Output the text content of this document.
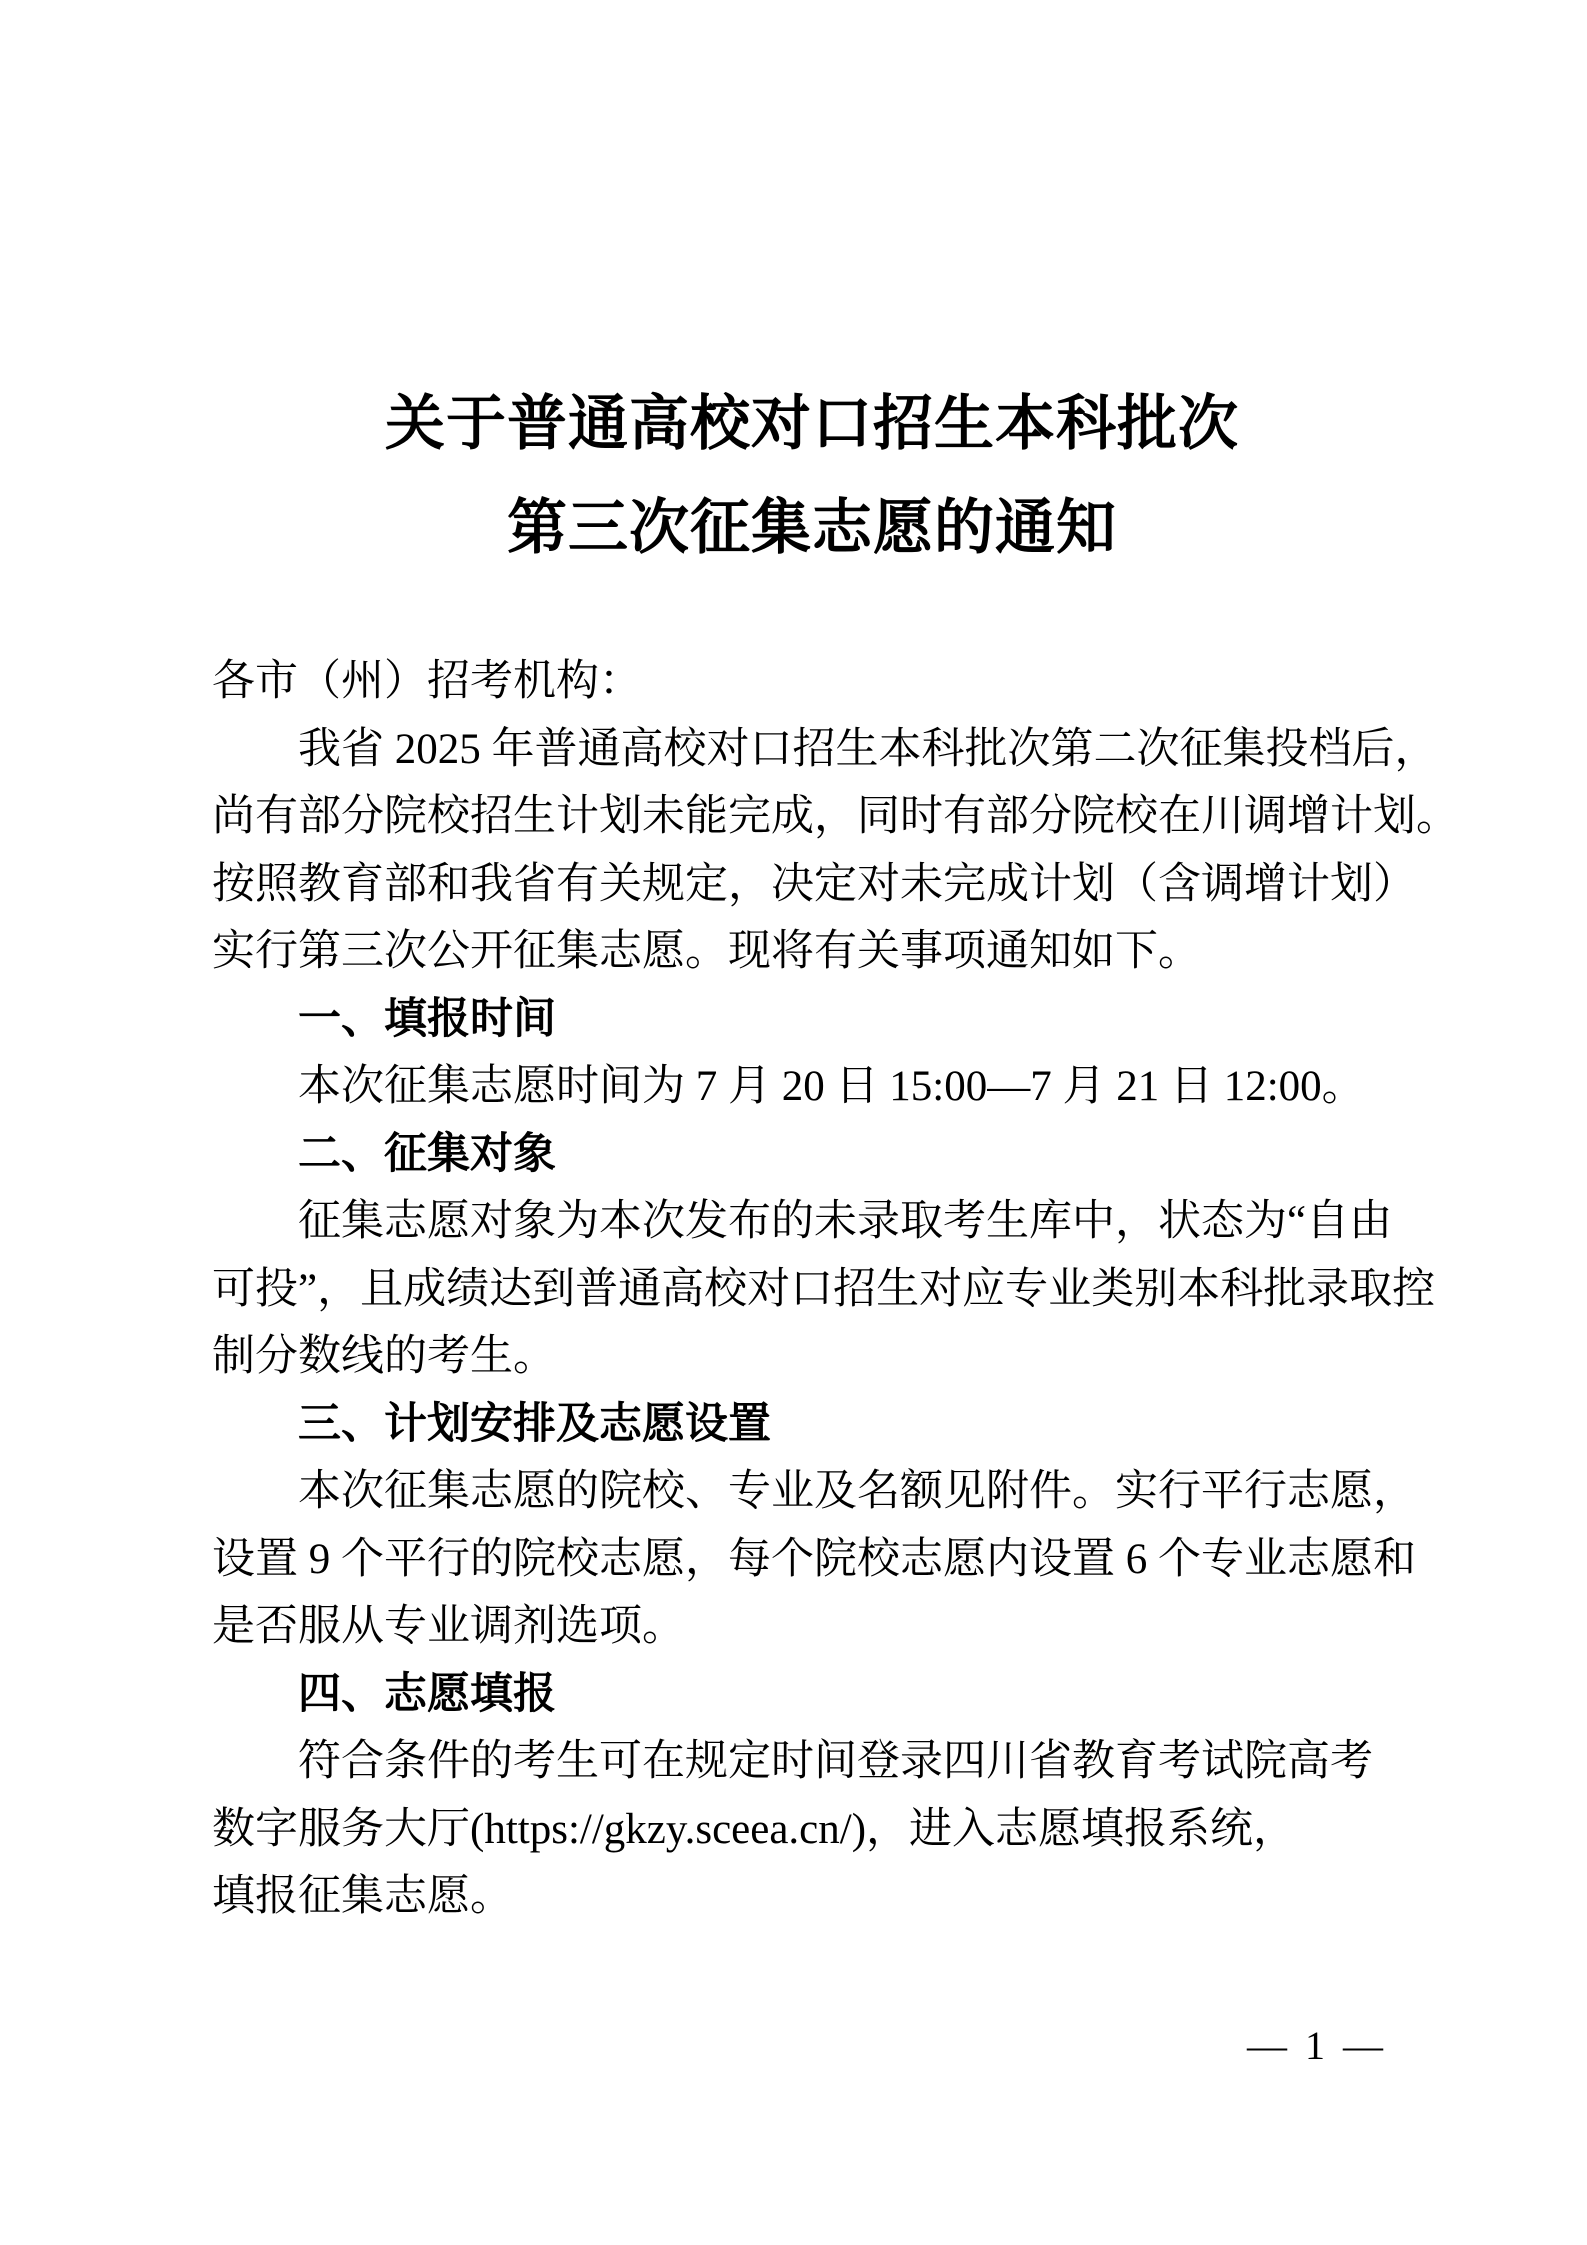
关于普通高校对口招生本科批次
第三次征集志愿的通知
各市（州）招考机构：
我省 2025 年普通高校对口招生本科批次第二次征集投档后，
尚有部分院校招生计划未能完成，同时有部分院校在川调增计划。
按照教育部和我省有关规定，决定对未完成计划（含调增计划）
实行第三次公开征集志愿。现将有关事项通知如下。
一、填报时间
本次征集志愿时间为 7 月 20 日 15:00—7 月 21 日 12:00。
二、征集对象
征集志愿对象为本次发布的未录取考生库中，状态为“自由
可投”，且成绩达到普通高校对口招生对应专业类别本科批录取控
制分数线的考生。
三、计划安排及志愿设置
本次征集志愿的院校、专业及名额见附件。实行平行志愿，
设置 9 个平行的院校志愿，每个院校志愿内设置 6 个专业志愿和
是否服从专业调剂选项。
四、志愿填报
符合条件的考生可在规定时间登录四川省教育考试院高考
数字服务大厅(https://gkzy.sceea.cn/)，进入志愿填报系统，
填报征集志愿。
— 1 —
